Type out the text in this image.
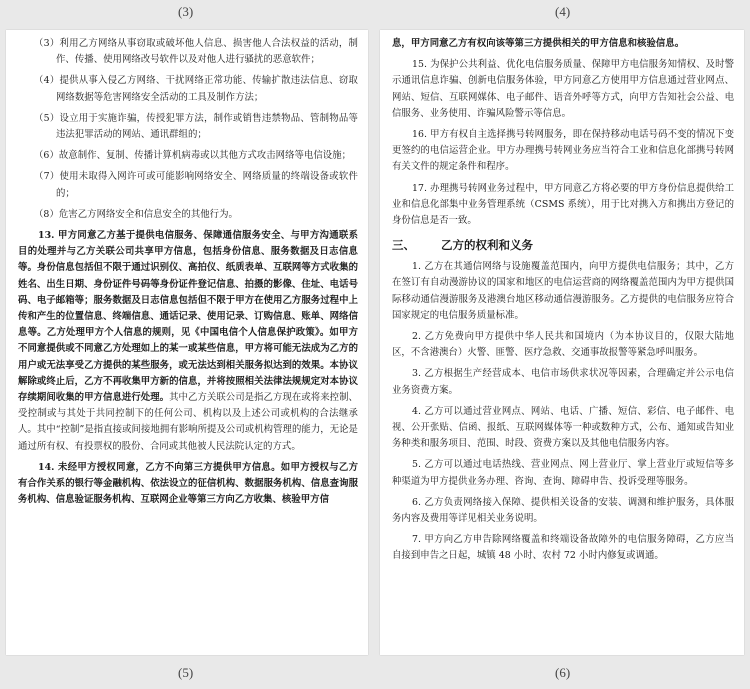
(3)	(4)
（3）利用乙方网络从事窃取或破坏他人信息、损害他人合法权益的活动，制作、传播、使用网络改号软件以及对他人进行骚扰的恶意软件；
（4）提供从事入侵乙方网络、干扰网络正常功能、传输扩散违法信息、窃取网络数据等危害网络安全活动的工具及制作方法；
（5）设立用于实施诈骗，传授犯罪方法，制作或销售违禁物品、管制物品等违法犯罪活动的网站、通讯群组的；
（6）故意制作、复制、传播计算机病毒或以其他方式攻击网络等电信设施；
（7）使用未取得入网许可或可能影响网络安全、网络质量的终端设备或软件的；
（8）危害乙方网络安全和信息安全的其他行为。
13. 甲方同意乙方基于提供电信服务、保障通信服务安全、与甲方沟通联系目的处理并与乙方关联公司共享甲方信息，包括身份信息、服务数据及日志信息等。身份信息包括但不限于通过识别仪、高拍仪、纸质表单、互联网等方式收集的姓名、出生日期、身份证件号码等身份证件登记信息、拍摄的影像、住址、电话号码、电子邮箱等；服务数据及日志信息包括但不限于甲方在使用乙方服务过程中上传和产生的位置信息、终端信息、通话记录、使用记录、订购信息、账单、网络信息等。乙方处理甲方个人信息的规则，见《中国电信个人信息保护政策》。如甲方不同意提供或不同意乙方处理如上的某一或某些信息，甲方将可能无法成为乙方的用户或无法享受乙方提供的某些服务，或无法达到相关服务拟达到的效果。本协议解除或终止后，乙方不再收集甲方新的信息，并将按照相关法律法规规定对本协议存续期间收集的甲方信息进行处理。其中乙方关联公司是指乙方现在或将来控制、受控制或与其处于共同控制下的任何公司、机构以及上述公司或机构的合法继承人。其中“控制”是指直接或间接地拥有影响所提及公司或机构管理的能力，无论是通过所有权、有投票权的股份、合同或其他被人民法院认定的方式。
14. 未经甲方授权同意，乙方不向第三方提供甲方信息。如甲方授权与乙方有合作关系的银行等金融机构、依法设立的征信机构、数据服务机构、信息查询服务机构、信息验证服务机构、互联网企业等第三方向乙方收集、核验甲方信
息，甲方同意乙方有权向该等第三方提供相关的甲方信息和核验信息。
15. 为保护公共利益、优化电信服务质量、保障甲方电信服务知情权、及时警示通讯信息诈骗、创新电信服务体验，甲方同意乙方使用甲方信息通过营业网点、网站、短信、互联网媒体、电子邮件、语音外呼等方式，向甲方告知社会公益、电信服务、业务使用、诈骗风险警示等信息。
16. 甲方有权自主选择携号转网服务，即在保持移动电话号码不变的情况下变更签约的电信运营企业。甲方办理携号转网业务应当符合工业和信息化部携号转网有关文件的规定条件和程序。
17. 办理携号转网业务过程中，甲方同意乙方将必要的甲方身份信息提供给工业和信息化部集中业务管理系统（CSMS 系统），用于比对携入方和携出方登记的身份信息是否一致。
三、 乙方的权利和义务
1. 乙方在其通信网络与设施覆盖范围内，向甲方提供电信服务；其中，乙方在签订有自动漫游协议的国家和地区的电信运营商的网络覆盖范围内为甲方提供国际移动通信漫游服务及港澳台地区移动通信漫游服务。乙方提供的电信服务应符合国家规定的电信服务质量标准。
2. 乙方免费向甲方提供中华人民共和国境内（为本协议目的，仅限大陆地区，不含港澳台）火警、匪警、医疗急救、交通事故报警等紧急呼叫服务。
3. 乙方根据生产经营成本、电信市场供求状况等因素，合理确定并公示电信业务资费方案。
4. 乙方可以通过营业网点、网站、电话、广播、短信、彩信、电子邮件、电视、公开张贴、信函、报纸、互联网媒体等一种或数种方式，公布、通知或告知业务种类和服务项目、范围、时段、资费方案以及其他电信服务内容。
5. 乙方可以通过电话热线、营业网点、网上营业厅、掌上营业厅或短信等多种渠道为甲方提供业务办理、咨询、查询、障碍申告、投诉受理等服务。
6. 乙方负责网络接入保障、提供相关设备的安装、调测和维护服务，具体服务内容及费用等详见相关业务说明。
7. 甲方向乙方申告除网络覆盖和终端设备故障外的电信服务障碍，乙方应当自接到申告之日起，城镇 48 小时、农村 72 小时内修复或调通。
(5)	(6)
